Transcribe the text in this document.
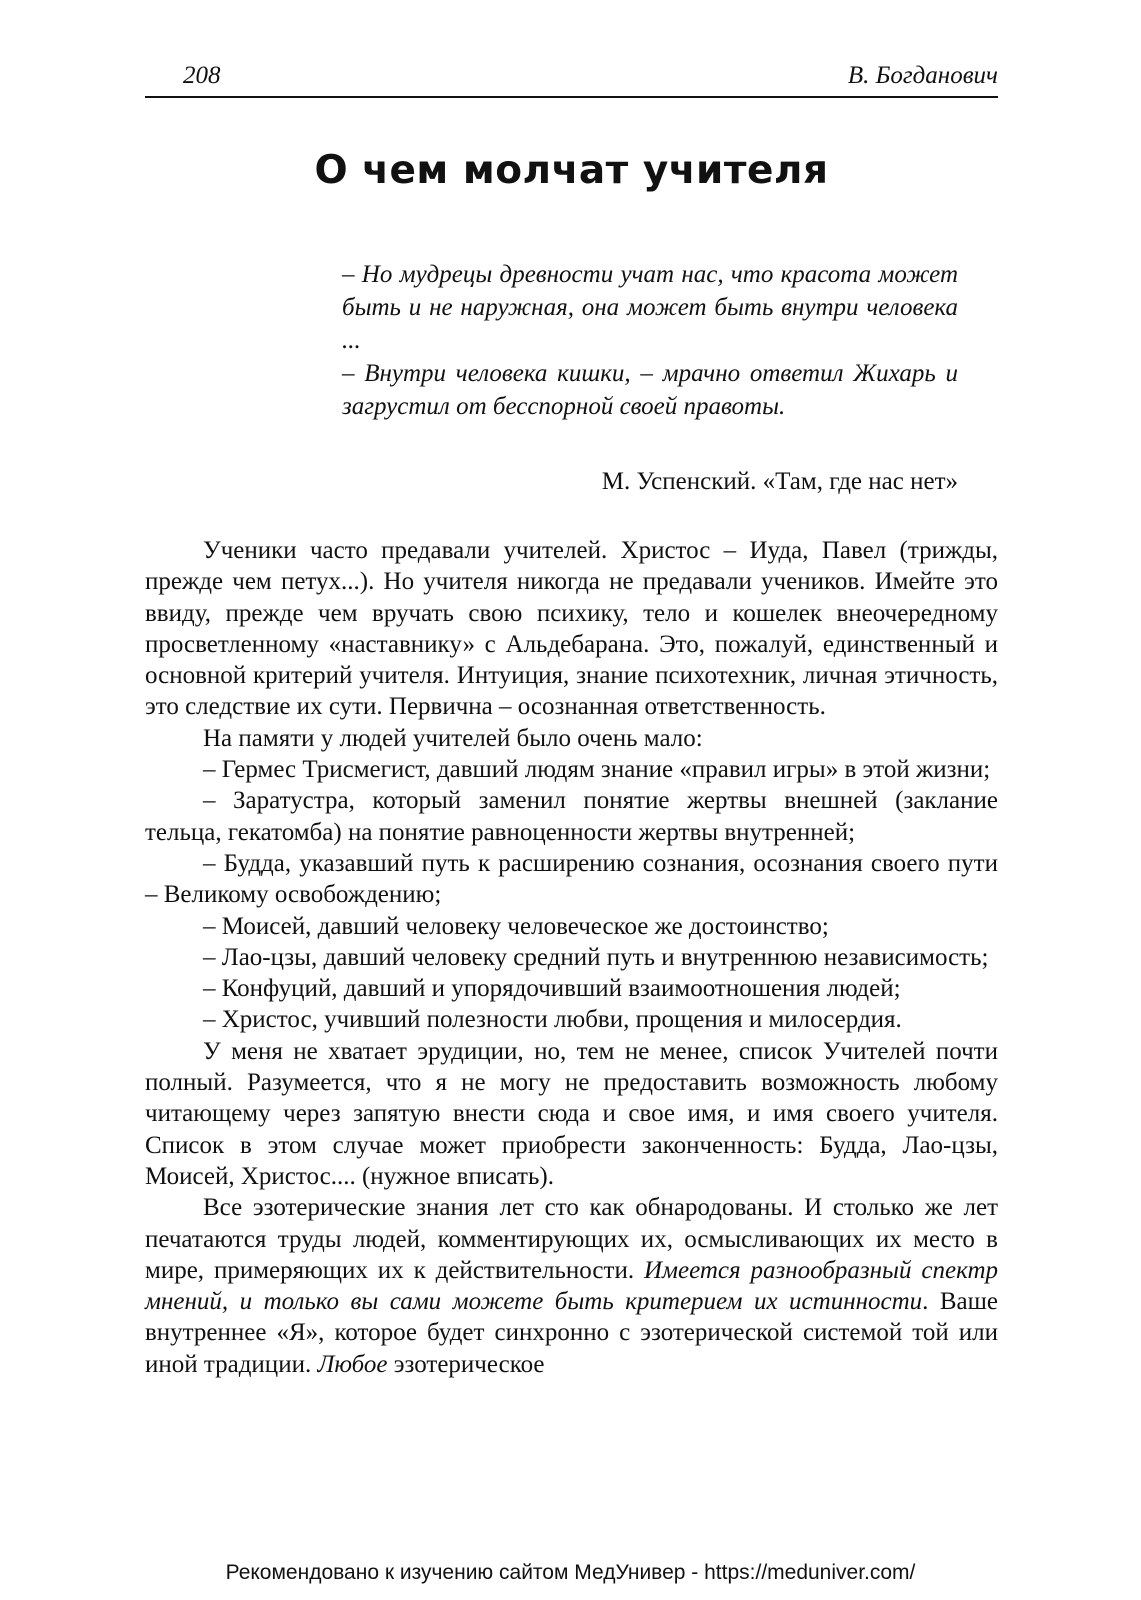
208	В. Богданович
О чем молчат учителя

– Но мудрецы древности учат нас, что красота может быть и не наружная, она может быть внутри человека ...

– Внутри человека кишки, – мрачно ответил Жихарь и загрустил от бесспорной своей правоты.

М. Успенский. «Там, где нас нет»

Ученики часто предавали учителей. Христос – Иуда, Павел (трижды, прежде чем петух...). Но учителя никогда не предавали учеников. Имейте это ввиду, прежде чем вручать свою психику, тело и кошелек внеочередному просветленному «наставнику» с Альдебарана. Это, пожалуй, единственный и основной критерий учителя. Интуиция, знание психотехник, личная этичность, это следствие их сути. Первична – осознанная ответственность.

На памяти у людей учителей было очень мало:

– Гермес Трисмегист, давший людям знание «правил игры» в этой жизни;

– Заратустра, который заменил понятие жертвы внешней (заклание тельца, гекатомба) на понятие равноценности жертвы внутренней;

– Будда, указавший путь к расширению сознания, осознания своего пути – Великому освобождению;

– Моисей, давший человеку человеческое же достоинство;

– Лао-цзы, давший человеку средний путь и внутреннюю независимость;

– Конфуций, давший и упорядочивший взаимоотношения людей;

– Христос, учивший полезности любви, прощения и милосердия.

У меня не хватает эрудиции, но, тем не менее, список Учителей почти полный. Разумеется, что я не могу не предоставить возможность любому читающему через запятую внести сюда и свое имя, и имя своего учителя. Список в этом случае может приобрести законченность: Будда, Лао-цзы, Моисей, Христос.... (нужное вписать).

Все эзотерические знания лет сто как обнародованы. И столько же лет печатаются труды людей, комментирующих их, осмысливающих их место в мире, примеряющих их к действительности. Имеется разнообразный спектр мнений, и только вы сами можете быть критерием их истинности. Ваше внутреннее «Я», которое будет синхронно с эзотерической системой той или иной традиции. Любое эзотерическое

Рекомендовано к изучению сайтом МедУнивер - https://meduniver.com/
